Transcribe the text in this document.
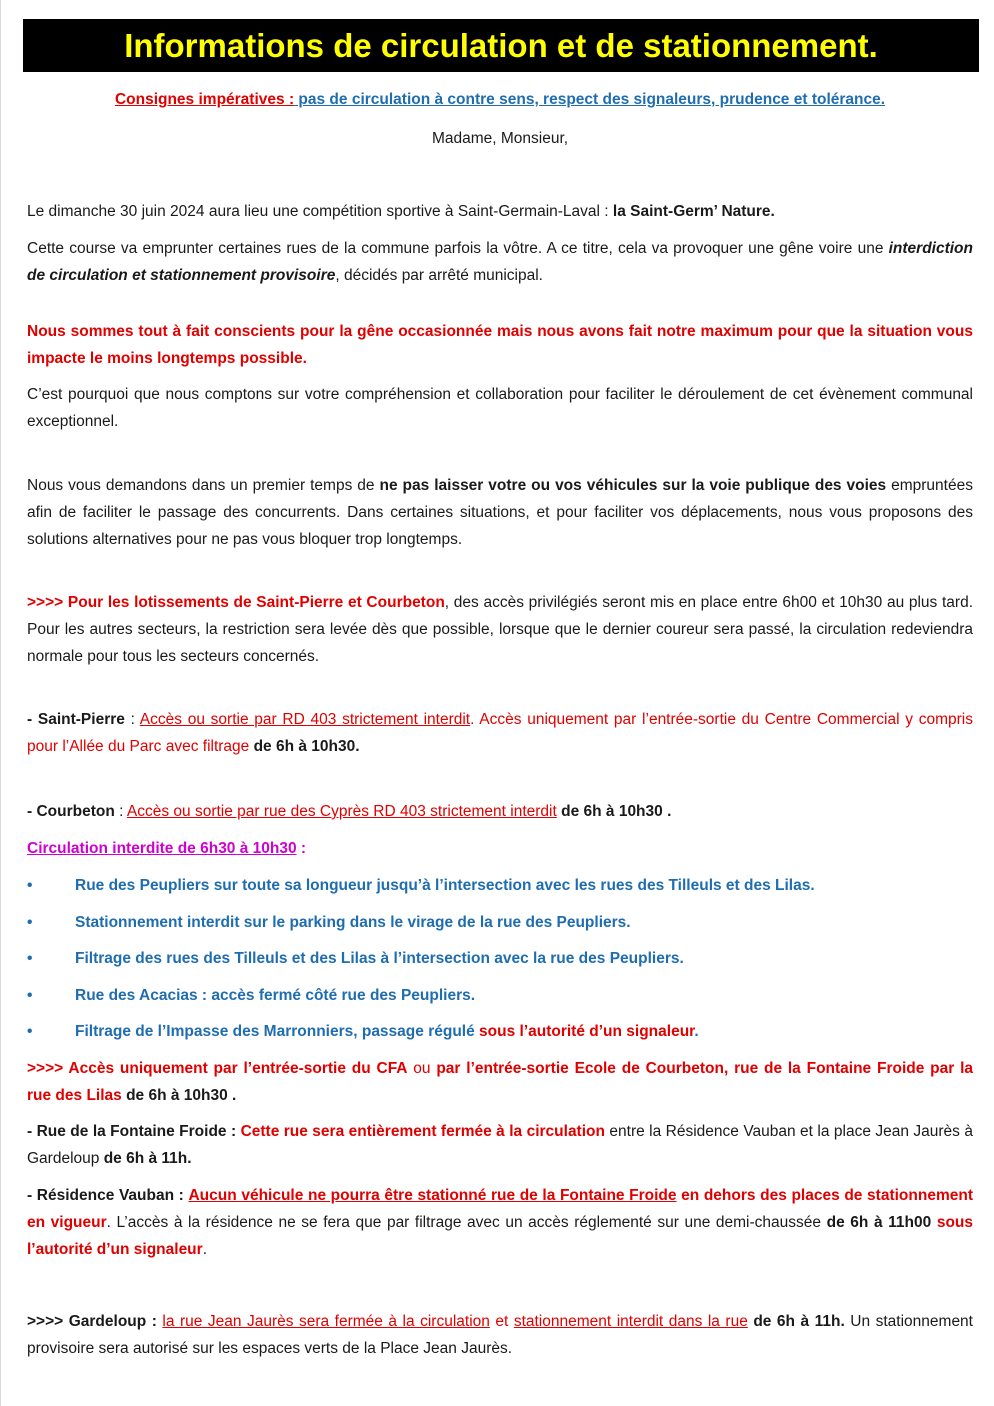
Informations de circulation et de stationnement.

Consignes impératives : pas de circulation à contre sens, respect des signaleurs, prudence et tolérance.

Madame, Monsieur,

Le dimanche 30 juin 2024 aura lieu une compétition sportive à Saint-Germain-Laval : la Saint-Germ’ Nature.

Cette course va emprunter certaines rues de la commune parfois la vôtre. A ce titre, cela va provoquer une gêne voire une interdiction de circulation et stationnement provisoire, décidés par arrêté municipal.

Nous sommes tout à fait conscients pour la gêne occasionnée mais nous avons fait notre maximum pour que la situation vous impacte le moins longtemps possible.

C’est pourquoi que nous comptons sur votre compréhension et collaboration pour faciliter le déroulement de cet évènement communal exceptionnel.

Nous vous demandons dans un premier temps de ne pas laisser votre ou vos véhicules sur la voie publique des voies empruntées afin de faciliter le passage des concurrents. Dans certaines situations, et pour faciliter vos déplacements, nous vous proposons des solutions alternatives pour ne pas vous bloquer trop longtemps.

>>>> Pour les lotissements de Saint-Pierre et Courbeton, des accès privilégiés seront mis en place entre 6h00 et 10h30 au plus tard. Pour les autres secteurs, la restriction sera levée dès que possible, lorsque que le dernier coureur sera passé, la circulation redeviendra normale pour tous les secteurs concernés.

- Saint-Pierre : Accès ou sortie par RD 403 strictement interdit. Accès uniquement par l’entrée-sortie du Centre Commercial y compris pour l’Allée du Parc avec filtrage de 6h à 10h30.

- Courbeton : Accès ou sortie par rue des Cyprès RD 403 strictement interdit de 6h à 10h30 .

Circulation interdite de 6h30 à 10h30 :

•	Rue des Peupliers sur toute sa longueur jusqu’à l’intersection avec les rues des Tilleuls et des Lilas.
•	Stationnement interdit sur le parking dans le virage de la rue des Peupliers.
•	Filtrage des rues des Tilleuls et des Lilas à l’intersection avec la rue des Peupliers.
•	Rue des Acacias : accès fermé côté rue des Peupliers.
•	Filtrage de l’Impasse des Marronniers, passage régulé sous l’autorité d’un signaleur.

>>>> Accès uniquement par l’entrée-sortie du CFA ou par l’entrée-sortie Ecole de Courbeton, rue de la Fontaine Froide par la rue des Lilas de 6h à 10h30 .

- Rue de la Fontaine Froide : Cette rue sera entièrement fermée à la circulation entre la Résidence Vauban et la place Jean Jaurès à Gardeloup de 6h à 11h.

- Résidence Vauban : Aucun véhicule ne pourra être stationné rue de la Fontaine Froide en dehors des places de stationnement en vigueur. L’accès à la résidence ne se fera que par filtrage avec un accès réglementé sur une demi-chaussée de 6h à 11h00 sous l’autorité d’un signaleur.

>>>> Gardeloup : la rue Jean Jaurès sera fermée à la circulation et stationnement interdit dans la rue de 6h à 11h. Un stationnement provisoire sera autorisé sur les espaces verts de la Place Jean Jaurès.
